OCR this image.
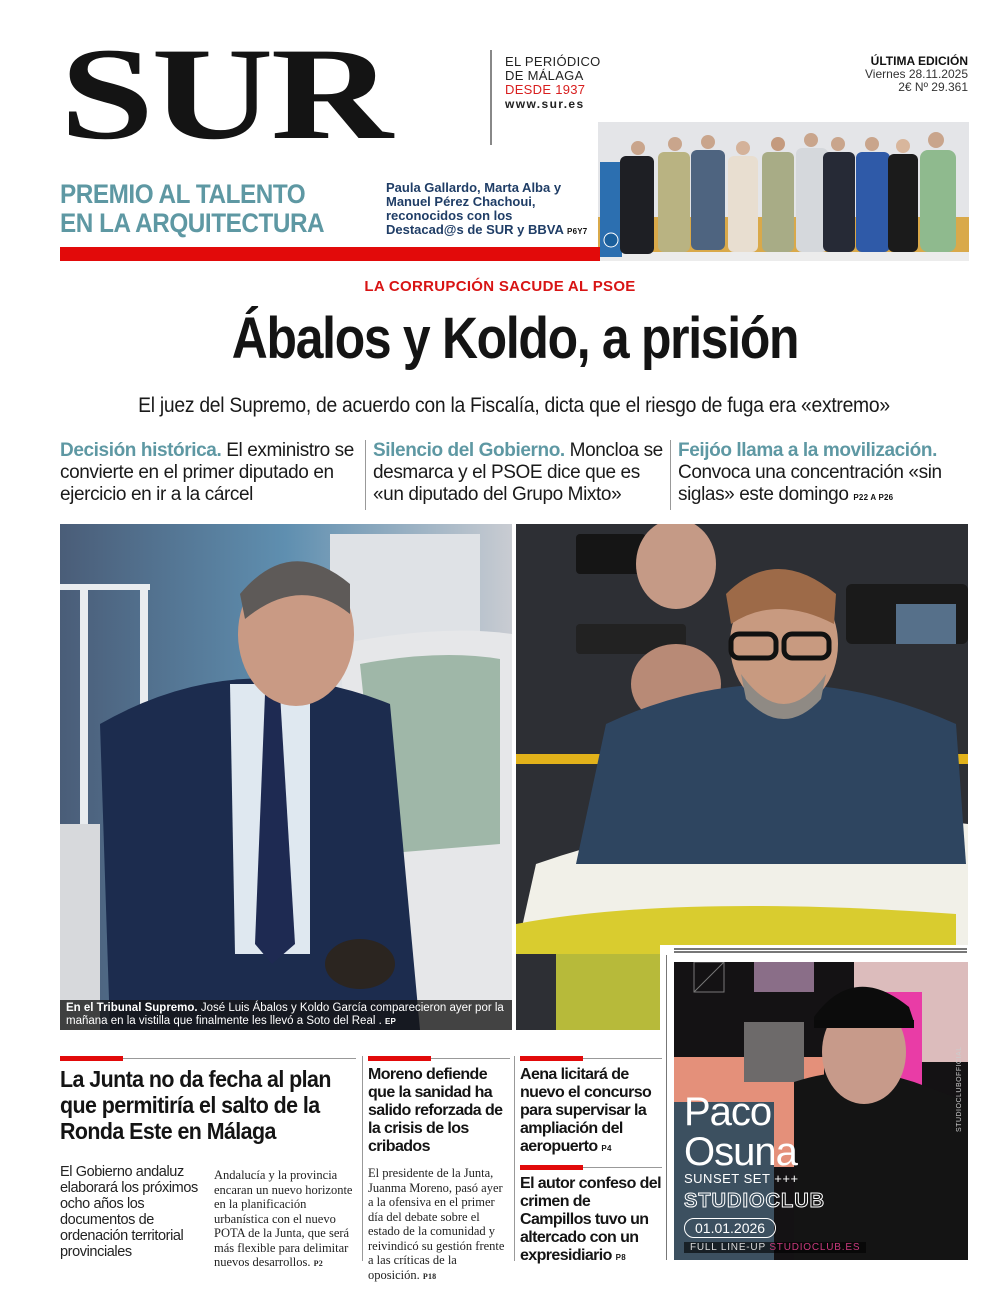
SUR	EL PERIÓDICO
DE MÁLAGA
DESDE 1937
www.sur.es
ÚLTIMA EDICIÓN
Viernes 28.11.2025
2€ Nº 29.361
PREMIO AL TALENTO
EN LA ARQUITECTURA
Paula Gallardo, Marta Alba y Manuel Pérez Chachoui, reconocidos con los Destacad@s de SUR y BBVA P6Y7
LA CORRUPCIÓN SACUDE AL PSOE
Ábalos y Koldo, a prisión
El juez del Supremo, de acuerdo con la Fiscalía, dicta que el riesgo de fuga era «extremo»
Decisión histórica. El exministro se convierte en el primer diputado en ejercicio en ir a la cárcel
Silencio del Gobierno. Moncloa se desmarca y el PSOE dice que es «un diputado del Grupo Mixto»
Feijóo llama a la movilización. Convoca una concentración «sin siglas» este domingo P22 A P26
En el Tribunal Supremo. José Luis Ábalos y Koldo García comparecieron ayer por la mañana en la vistilla que finalmente les llevó a Soto del Real . EP
Paco
Osuna
SUNSET SET +++
STUDIOCLUB
01.01.2026
FULL LINE-UP STUDIOCLUB.ES
STUDIOCLUBOFFICIAL
La Junta no da fecha al plan que permitiría el salto de la Ronda Este en Málaga
El Gobierno andaluz elaborará los próximos ocho años los documentos de ordenación territorial provinciales
Andalucía y la provincia encaran un nuevo horizonte en la planificación urbanística con el nuevo POTA de la Junta, que será más flexible para delimitar nuevos desarrollos. P2
Moreno defiende que la sanidad ha salido reforzada de la crisis de los cribados
El presidente de la Junta, Juanma Moreno, pasó ayer a la ofensiva en el primer día del debate sobre el estado de la comunidad y reivindicó su gestión frente a las críticas de la oposición. P18
Aena licitará de nuevo el concurso para supervisar la ampliación del aeropuerto P4
El autor confeso del crimen de Campillos tuvo un altercado con un expresidiario P8
